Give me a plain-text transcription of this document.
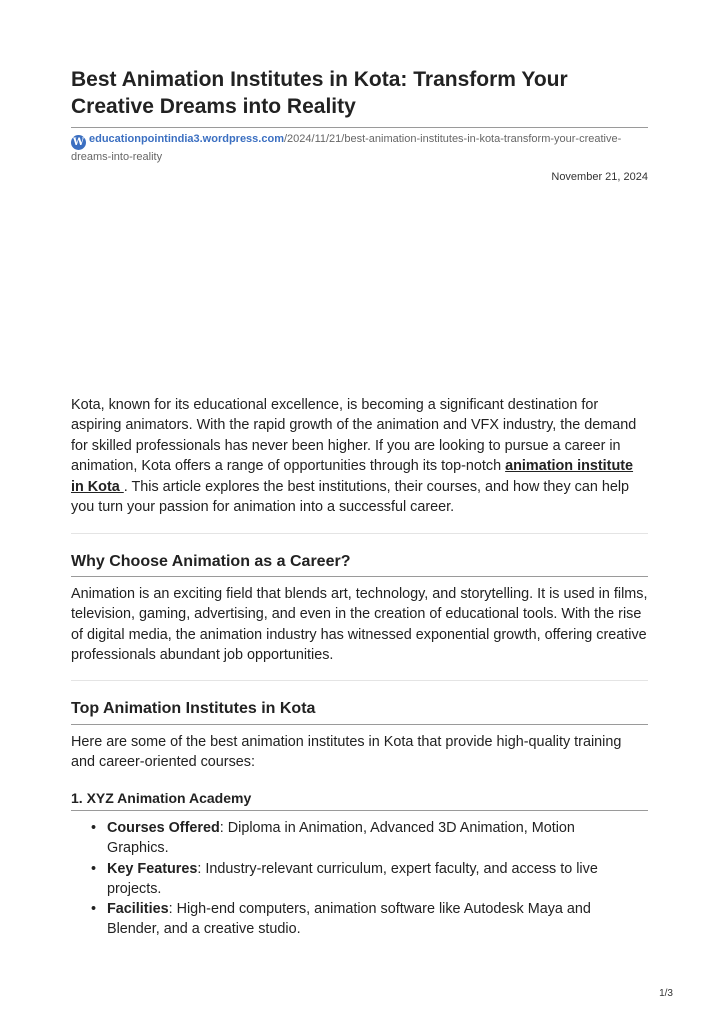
Best Animation Institutes in Kota: Transform Your Creative Dreams into Reality
W educationpointindia3.wordpress.com/2024/11/21/best-animation-institutes-in-kota-transform-your-creative-
dreams-into-reality
November 21, 2024

Kota, known for its educational excellence, is becoming a significant destination for aspiring animators. With the rapid growth of the animation and VFX industry, the demand for skilled professionals has never been higher. If you are looking to pursue a career in animation, Kota offers a range of opportunities through its top-notch animation institute in Kota . This article explores the best institutions, their courses, and how they can help you turn your passion for animation into a successful career.

Why Choose Animation as a Career?

Animation is an exciting field that blends art, technology, and storytelling. It is used in films, television, gaming, advertising, and even in the creation of educational tools. With the rise of digital media, the animation industry has witnessed exponential growth, offering creative professionals abundant job opportunities.

Top Animation Institutes in Kota

Here are some of the best animation institutes in Kota that provide high-quality training and career-oriented courses:

1. XYZ Animation Academy
• Courses Offered: Diploma in Animation, Advanced 3D Animation, Motion Graphics.
• Key Features: Industry-relevant curriculum, expert faculty, and access to live projects.
• Facilities: High-end computers, animation software like Autodesk Maya and Blender, and a creative studio.
1/3
